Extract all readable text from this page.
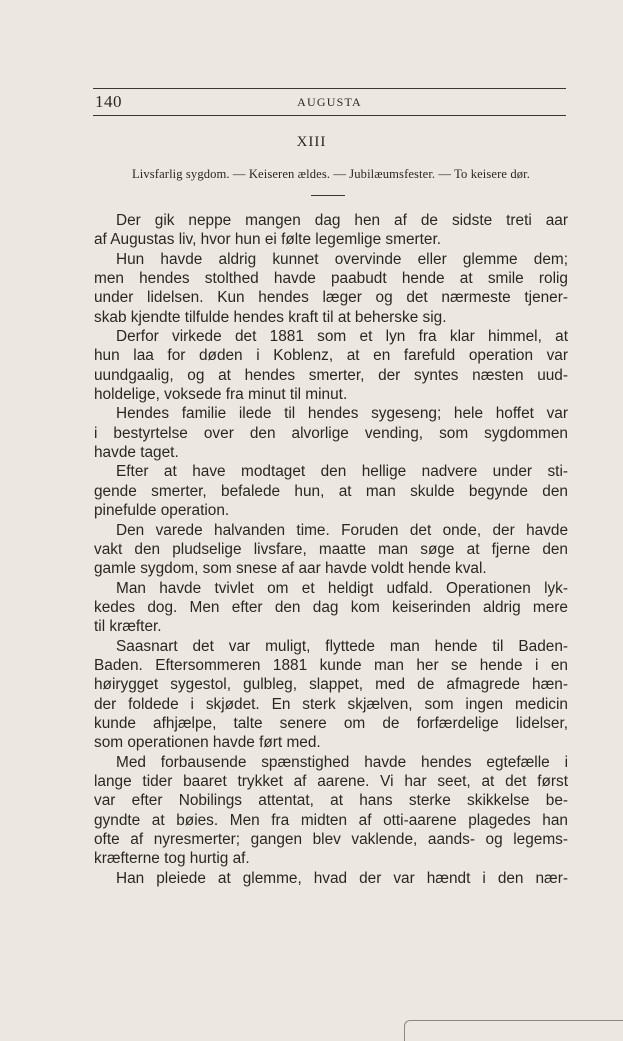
140	AUGUSTA
XIII
Livsfarlig sygdom. — Keiseren ældes. — Jubilæumsfester. — To keisere dør.
Der gik neppe mangen dag hen af de sidste treti aar
af Augustas liv, hvor hun ei følte legemlige smerter.
Hun havde aldrig kunnet overvinde eller glemme dem;
men hendes stolthed havde paabudt hende at smile rolig
under lidelsen. Kun hendes læger og det nærmeste tjener-
skab kjendte tilfulde hendes kraft til at beherske sig.
Derfor virkede det 1881 som et lyn fra klar himmel, at
hun laa for døden i Koblenz, at en farefuld operation var
uundgaalig, og at hendes smerter, der syntes næsten uud-
holdelige, voksede fra minut til minut.
Hendes familie ilede til hendes sygeseng; hele hoffet var
i bestyrtelse over den alvorlige vending, som sygdommen
havde taget.
Efter at have modtaget den hellige nadvere under sti-
gende smerter, befalede hun, at man skulde begynde den
pinefulde operation.
Den varede halvanden time. Foruden det onde, der havde
vakt den pludselige livsfare, maatte man søge at fjerne den
gamle sygdom, som snese af aar havde voldt hende kval.
Man havde tvivlet om et heldigt udfald. Operationen lyk-
kedes dog. Men efter den dag kom keiserinden aldrig mere
til kræfter.
Saasnart det var muligt, flyttede man hende til Baden-
Baden. Eftersommeren 1881 kunde man her se hende i en
høirygget sygestol, gulbleg, slappet, med de afmagrede hæn-
der foldede i skjødet. En sterk skjælven, som ingen medicin
kunde afhjælpe, talte senere om de forfærdelige lidelser,
som operationen havde ført med.
Med forbausende spænstighed havde hendes egtefælle i
lange tider baaret trykket af aarene. Vi har seet, at det først
var efter Nobilings attentat, at hans sterke skikkelse be-
gyndte at bøies. Men fra midten af otti-aarene plagedes han
ofte af nyresmerter; gangen blev vaklende, aands- og legems-
kræfterne tog hurtig af.
Han pleiede at glemme, hvad der var hændt i den nær-
